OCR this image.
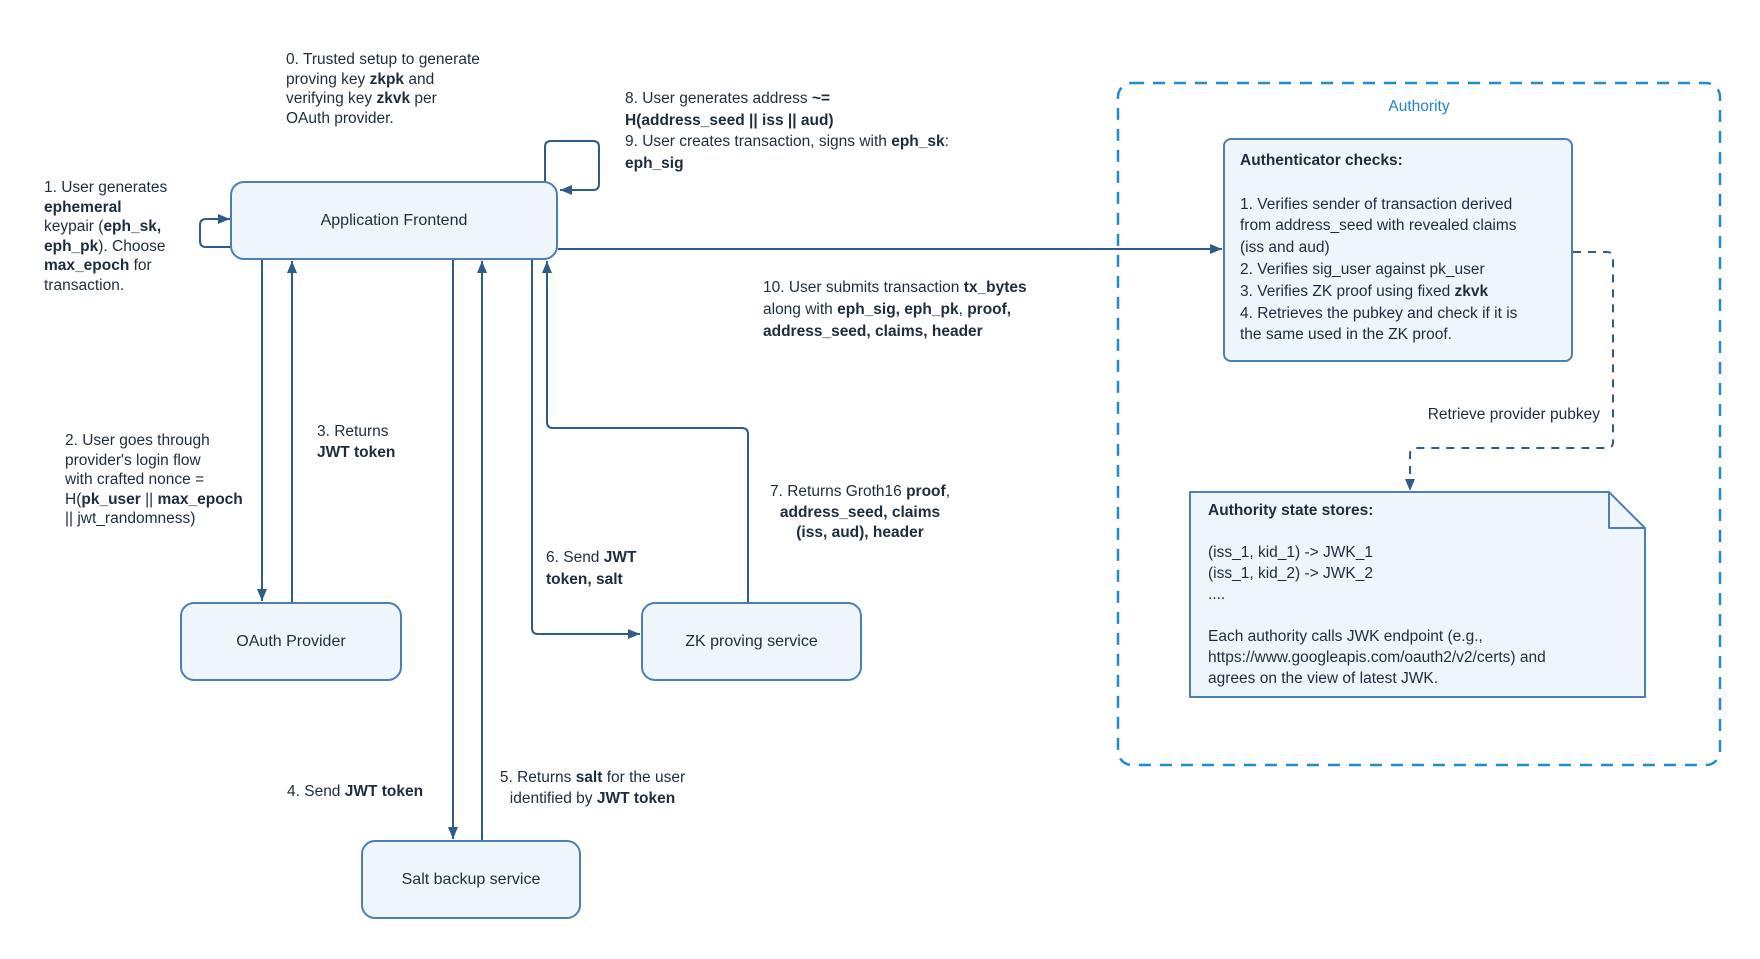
Application Frontend
OAuth Provider	ZK proving service
Salt backup service
Authority
0. Trusted setup to generate
proving key zkpk and
verifying key zkvk per
OAuth provider.
1. User generates
ephemeral
keypair (eph_sk,
eph_pk). Choose
max_epoch for
transaction.
2. User goes through
provider's login flow
with crafted nonce =
H(pk_user || max_epoch
|| jwt_randomness)
3. Returns
JWT token
4. Send JWT token
5. Returns salt for the user
identified by JWT token
6. Send JWT
token, salt
7. Returns Groth16 proof,
address_seed, claims
(iss, aud), header
8. User generates address ~=
H(address_seed || iss || aud)
9. User creates transaction, signs with eph_sk:
eph_sig
10. User submits transaction tx_bytes
along with eph_sig, eph_pk, proof,
address_seed, claims, header
Retrieve provider pubkey
Authenticator checks:

1. Verifies sender of transaction derived
from address_seed with revealed claims
(iss and aud)
2. Verifies sig_user against pk_user
3. Verifies ZK proof using fixed zkvk
4. Retrieves the pubkey and check if it is
the same used in the ZK proof.
Authority state stores:

(iss_1, kid_1) -> JWK_1
(iss_1, kid_2) -> JWK_2
....

Each authority calls JWK endpoint (e.g.,
https://www.googleapis.com/oauth2/v2/certs) and
agrees on the view of latest JWK.
